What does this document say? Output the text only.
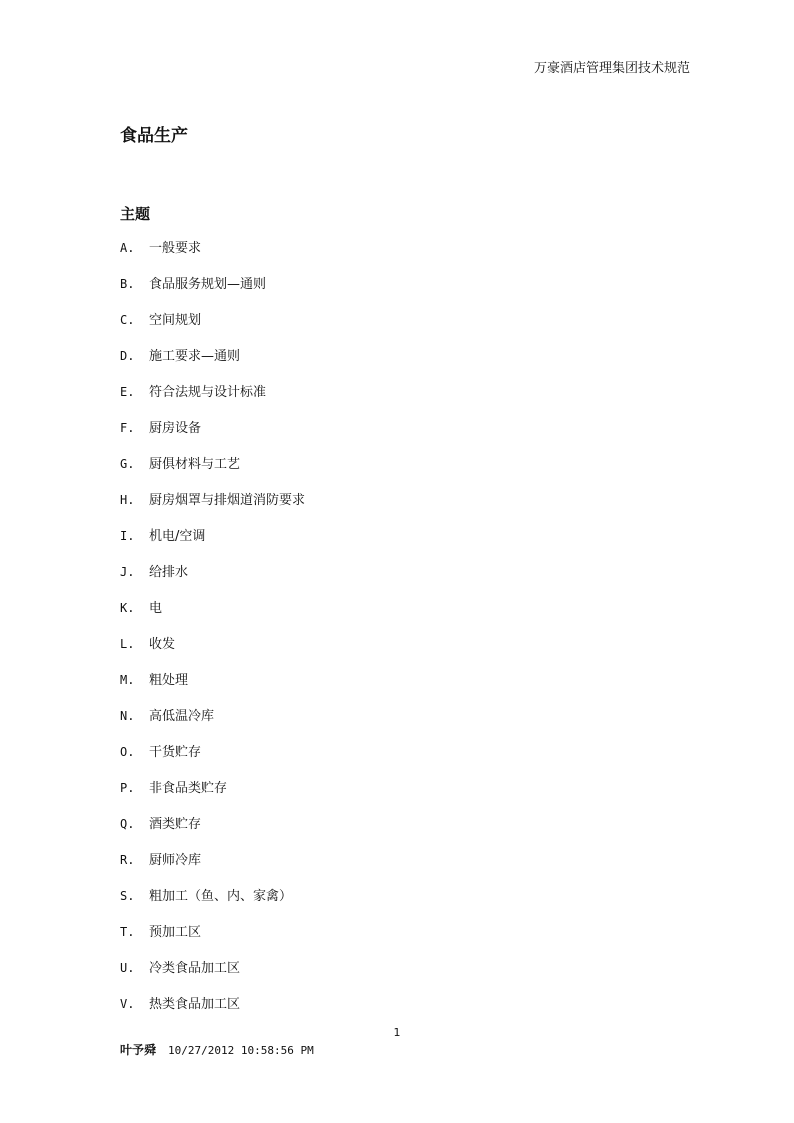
万豪酒店管理集团技术规范
食品生产
主题
A. 一般要求
B. 食品服务规划—通则
C. 空间规划
D. 施工要求—通则
E. 符合法规与设计标准
F. 厨房设备
G. 厨俱材料与工艺
H. 厨房烟罩与排烟道消防要求
I. 机电/空调
J. 给排水
K. 电
L. 收发
M. 粗处理
N. 高低温冷库
O. 干货贮存
P. 非食品类贮存
Q. 酒类贮存
R. 厨师冷库
S. 粗加工（鱼、内、家禽）
T. 预加工区
U. 冷类食品加工区
V. 热类食品加工区
1
叶予舜 10/27/2012 10:58:56 PM
